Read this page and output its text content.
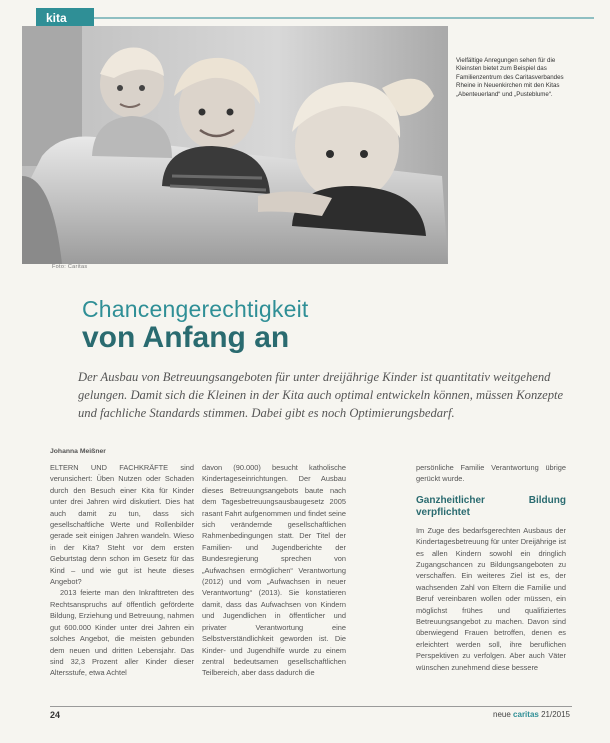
kita
Foto: Caritas
Vielfältige Anregungen sehen für die Kleinsten bietet zum Beispiel das Familienzentrum des Caritasverbandes Rheine in Neuenkirchen mit den Kitas „Abenteuerland“ und „Pusteblume“.
Chancengerechtigkeit
von Anfang an
Der Ausbau von Betreuungsangeboten für unter dreijährige Kinder ist quantitativ weitgehend gelungen. Damit sich die Kleinen in der Kita auch optimal entwickeln können, müssen Konzepte und fachliche Standards stimmen. Dabei gibt es noch Optimierungsbedarf.
Johanna Meißner

ELTERN UND FACHKRÄFTE sind verunsichert: Üben Nutzen oder Schaden durch den Besuch einer Kita für Kinder unter drei Jahren wird diskutiert. Dies hat auch damit zu tun, dass sich gesellschaftliche Werte und Rollenbilder gerade seit einigen Jahren wandeln. Wieso in der Kita? Steht vor dem ersten Geburtstag denn schon im Gesetz für das Kind – und wie gut ist heute dieses Angebot?

2013 feierte man den Inkrafttreten des Rechtsanspruchs auf öffentlich geförderte Bildung, Erziehung und Betreuung, nahmen gut 600.000 Kinder unter drei Jahren ein solches Angebot, die meisten gebunden dem neuen und dritten Lebensjahr. Das sind 32,3 Prozent aller Kinder dieser Altersstufe, etwa Achtel

davon (90.000) besucht katholische Kindertageseinrichtungen. Der Ausbau dieses Betreuungsangebots baute nach dem Tagesbetreuungsausbaugesetz 2005 rasant Fahrt aufgenommen und findet seine sich verändernde gesellschaftlichen Rahmenbedingungen statt. Der Titel der Familien- und Jugendberichte der Bundesregierung sprechen von „Aufwachsen ermöglichen“ Verantwortung (2012) und vom „Aufwachsen in neuer Verantwortung“ (2013). Sie konstatieren damit, dass das Aufwachsen von Kindern und Jugendlichen in öffentlicher und privater Verantwortung eine Selbstverständlichkeit geworden ist. Die Kinder- und Jugendhilfe wurde zu einem zentral bedeutsamen gesellschaftlichen Teilbereich, aber dass dadurch die

persönliche Familie Verantwortung übrige gerückt wurde.

Ganzheitlicher Bildung verpflichtet

Im Zuge des bedarfsgerechten Ausbaus der Kindertagesbetreuung für unter Dreijährige ist es allen Kindern sowohl ein dringlich Zugangschancen zu Bildungsangeboten zu verschaffen. Ein weiteres Ziel ist es, der wachsenden Zahl von Eltern die Familie und Beruf vereinbaren wollen oder müssen, ein möglichst frühes und qualifiziertes Betreuungsangebot zu machen. Davon sind überwiegend Frauen betroffen, denen es erleichtert werden soll, ihre beruflichen Perspektiven zu verfolgen. Aber auch Väter wünschen zunehmend diese bessere

24	neue caritas 21/2015
